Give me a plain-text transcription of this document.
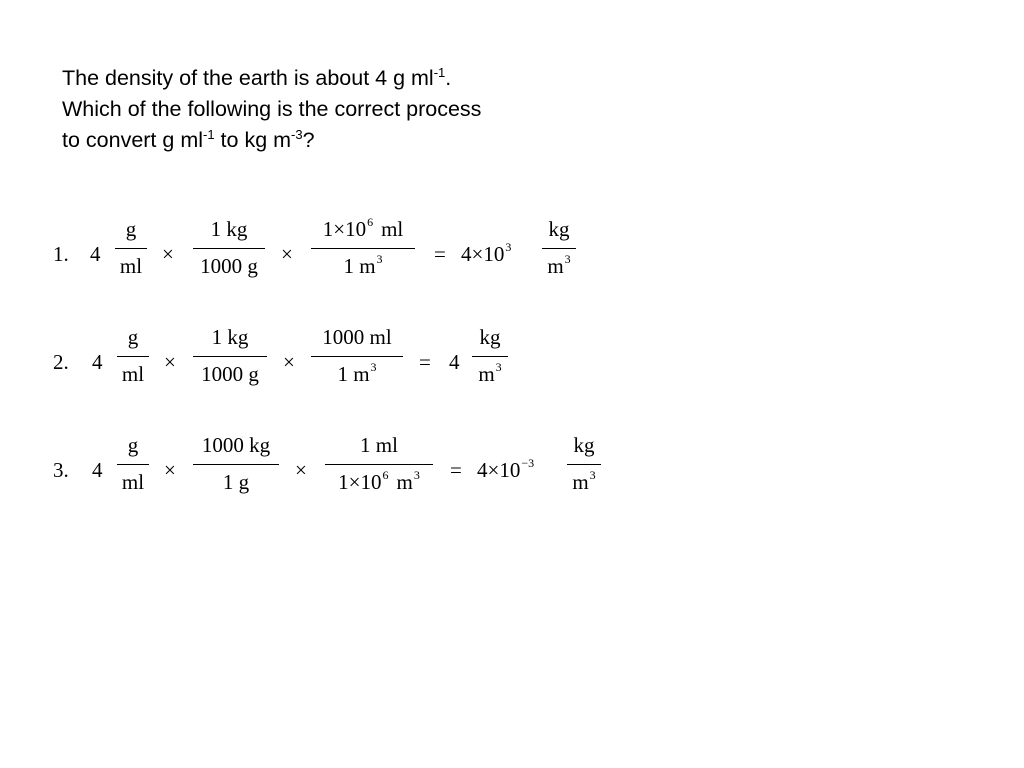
The density of the earth is about 4 g $ml^{-1}$.
Which of the following is the correct process
to convert g $ml^{-1}$ to kg $m^{-3}$?
1. 4
g
ml ×
1 kg
1000 g ×
$1\times 10^6$ ml
1 $m^3 = 4\times 10^3$
kg
$m^3$
2. 4
g
ml ×
1 kg
1000 g ×
1000 ml
1 $m^3 = 4$
kg
$m^3$
3. 4
g
ml ×
1000 kg
1 g ×
1 ml
$1\times 10^6$ $m^3 = 4\times 10^{-3}$
kg
$m^3$
